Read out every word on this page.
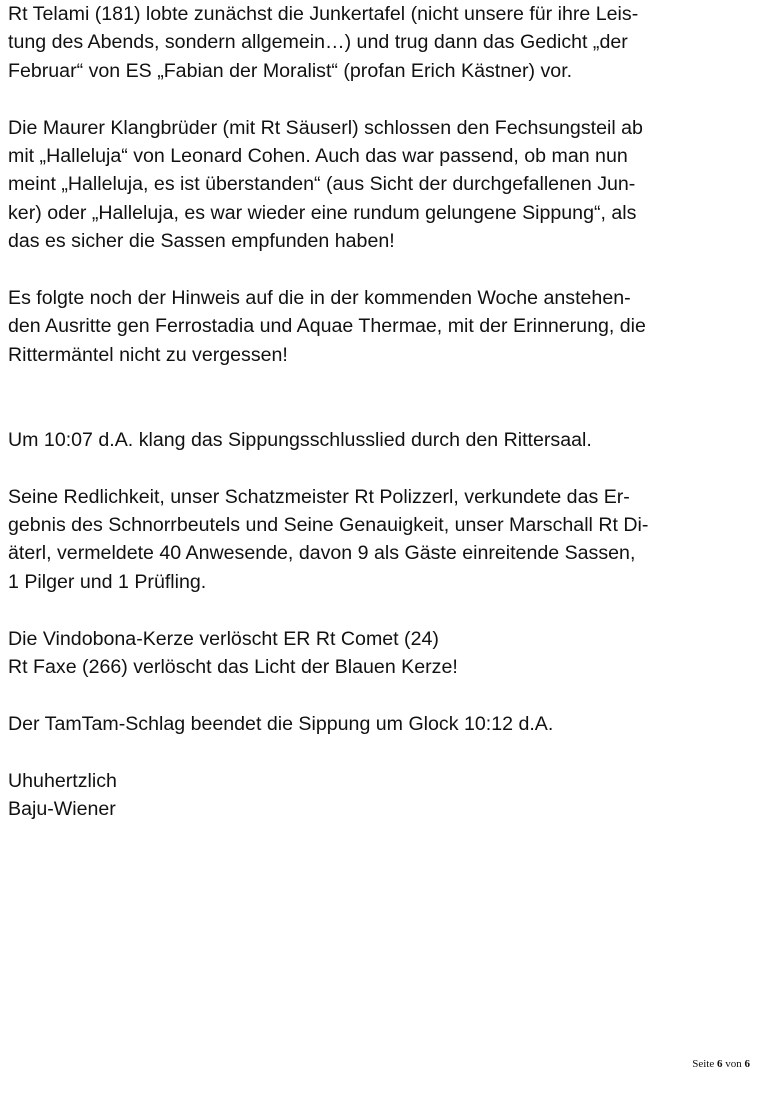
Rt Telami (181) lobte zunächst die Junkertafel (nicht unsere für ihre Leis-
tung des Abends, sondern allgemein…) und trug dann das Gedicht „der
Februar“ von ES „Fabian der Moralist“ (profan Erich Kästner) vor.
Die Maurer Klangbrüder (mit Rt Säuserl) schlossen den Fechsungsteil ab
mit „Halleluja“ von Leonard Cohen. Auch das war passend, ob man nun
meint „Halleluja, es ist überstanden“ (aus Sicht der durchgefallenen Jun-
ker) oder „Halleluja, es war wieder eine rundum gelungene Sippung“, als
das es sicher die Sassen empfunden haben!
Es folgte noch der Hinweis auf die in der kommenden Woche anstehen-
den Ausritte gen Ferrostadia und Aquae Thermae, mit der Erinnerung, die
Rittermäntel nicht zu vergessen!
Um 10:07 d.A. klang das Sippungsschlusslied durch den Rittersaal.
Seine Redlichkeit, unser Schatzmeister Rt Polizzerl, verkundete das Er-
gebnis des Schnorrbeutels und Seine Genauigkeit, unser Marschall Rt Di-
äterl, vermeldete 40 Anwesende, davon 9 als Gäste einreitende Sassen,
1 Pilger und 1 Prüfling.
Die Vindobona-Kerze verlöscht ER Rt Comet (24)
Rt Faxe (266) verlöscht das Licht der Blauen Kerze!
Der TamTam-Schlag beendet die Sippung um Glock 10:12 d.A.
Uhuhertzlich
Baju-Wiener
Seite 6 von 6
